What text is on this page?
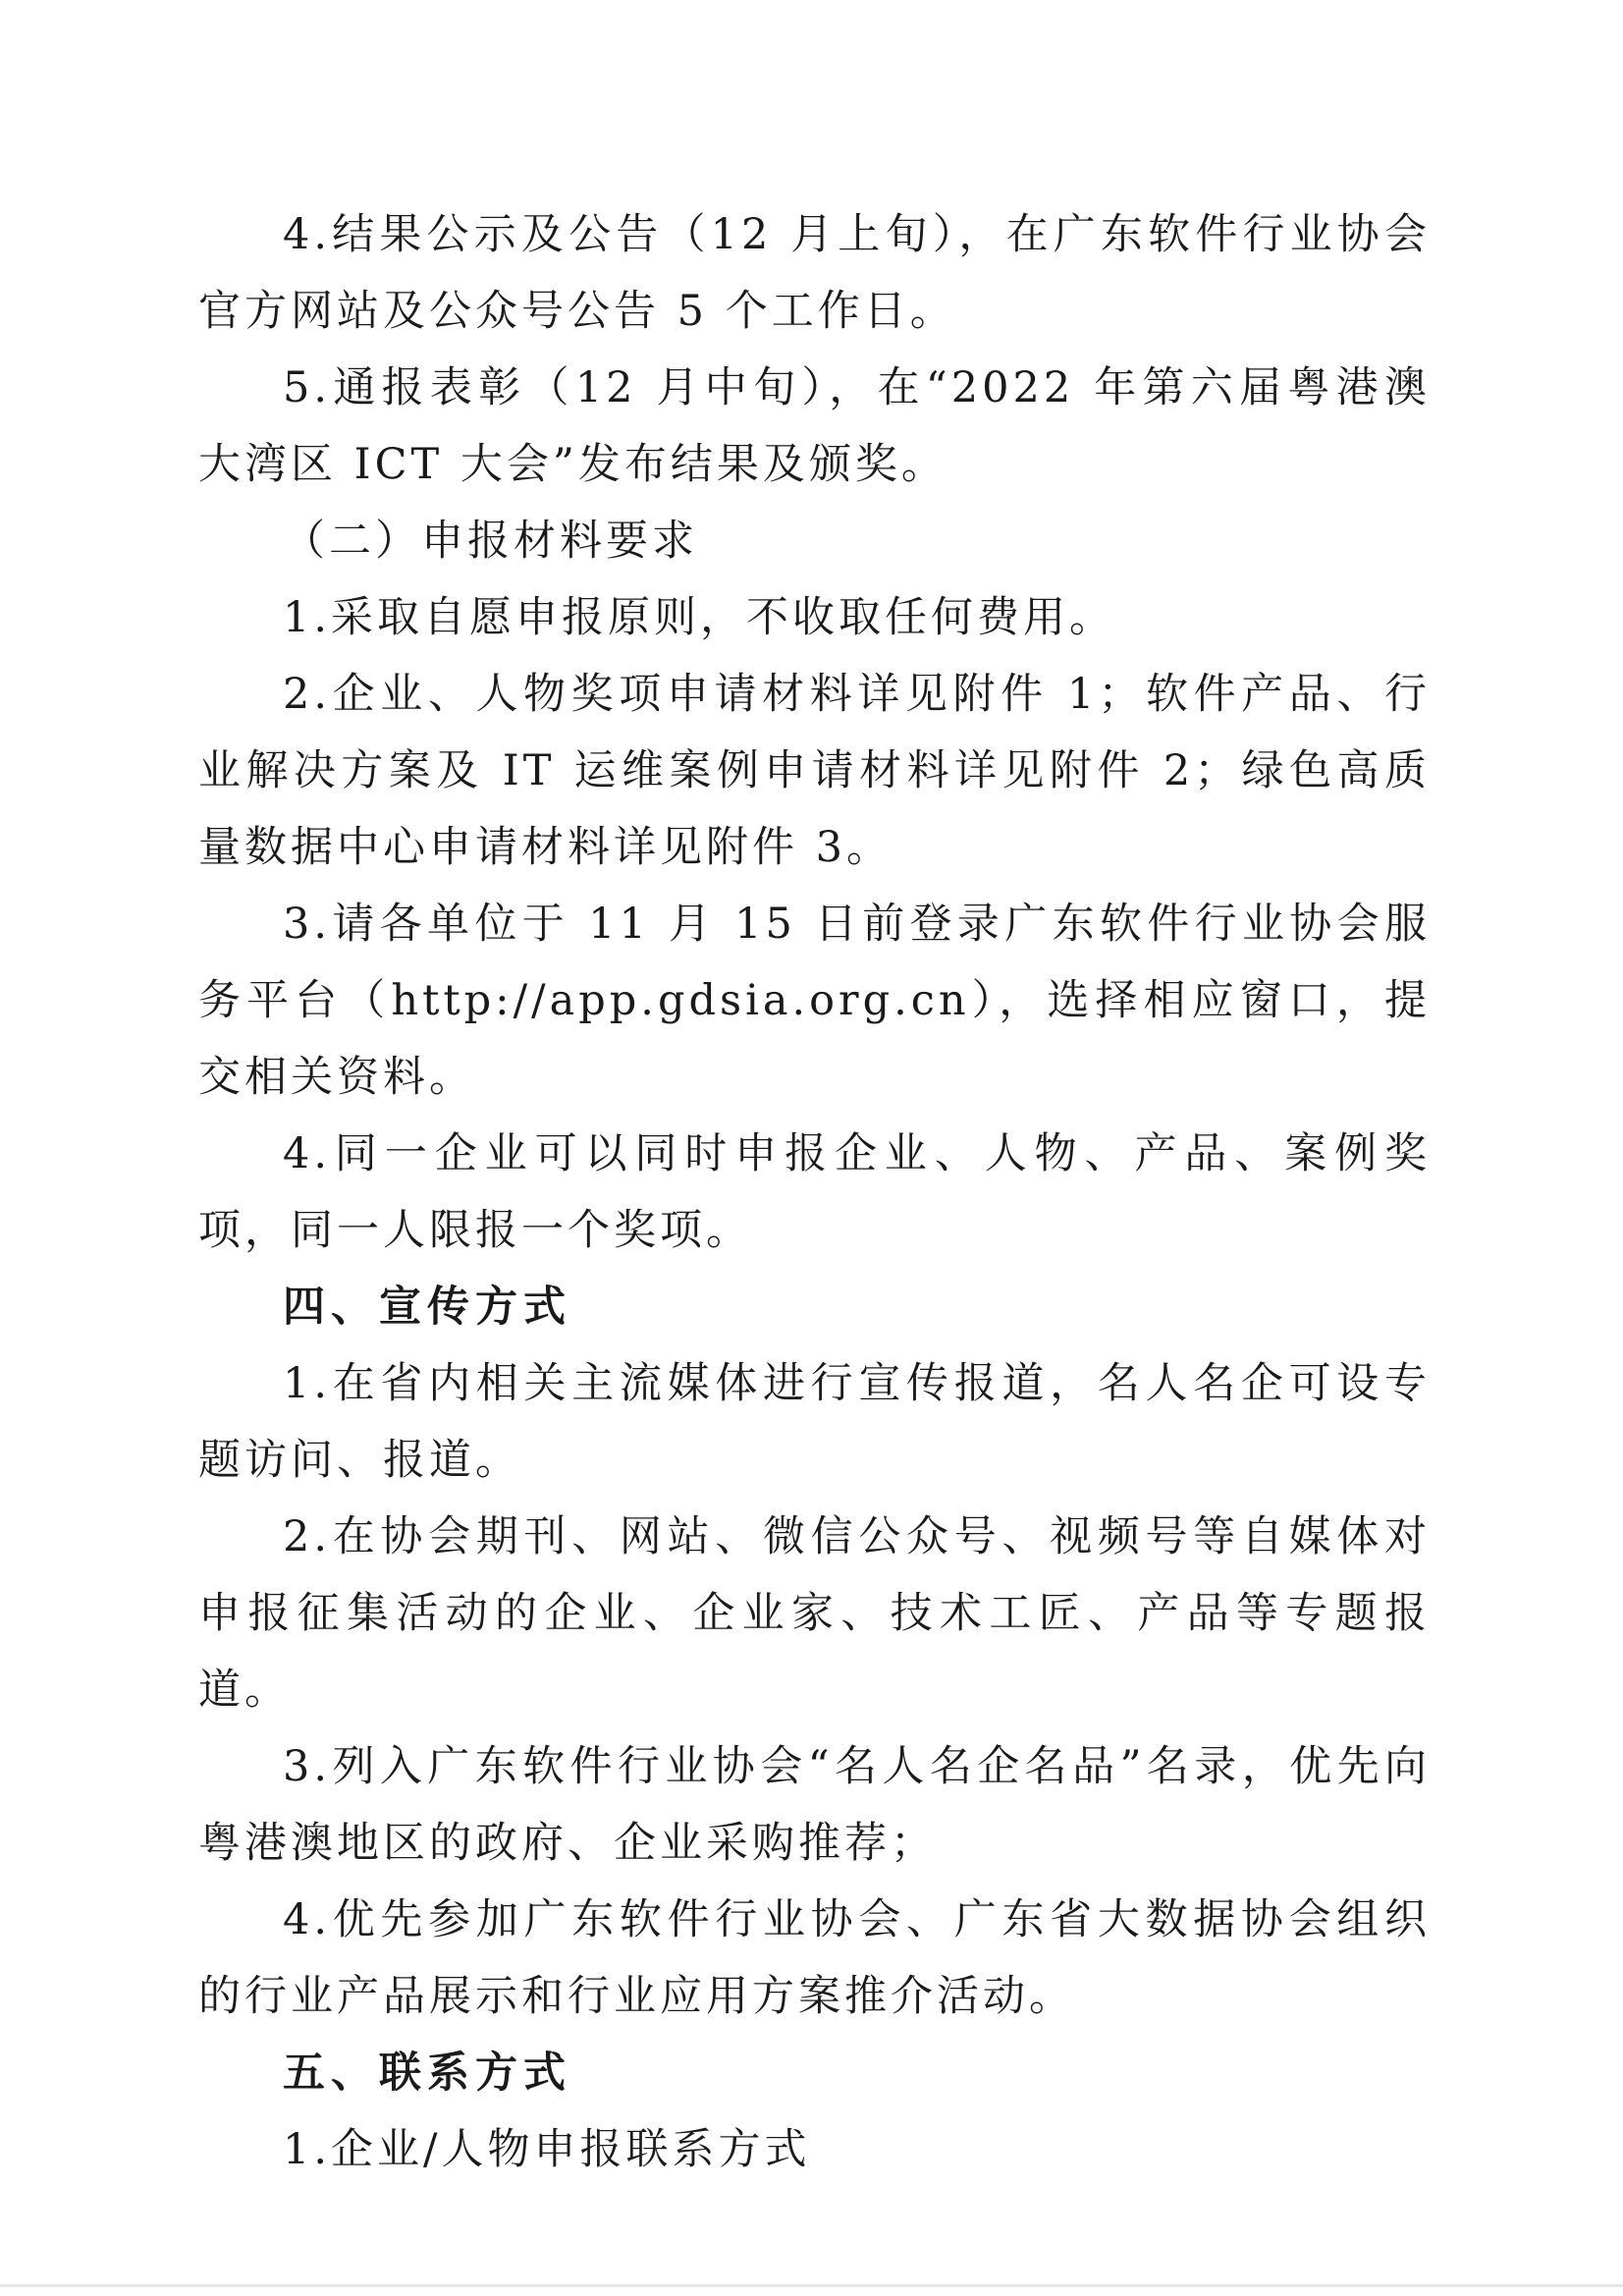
4.结果公示及公告（12 月上旬），在广东软件行业协会官方网站及公众号公告 5 个工作日。

5.通报表彰（12 月中旬），在“2022 年第六届粤港澳大湾区 ICT 大会”发布结果及颁奖。

（二）申报材料要求

1.采取自愿申报原则，不收取任何费用。

2.企业、人物奖项申请材料详见附件 1；软件产品、行业解决方案及 IT 运维案例申请材料详见附件 2；绿色高质量数据中心申请材料详见附件 3。

3.请各单位于 11 月 15 日前登录广东软件行业协会服务平台（http://app.gdsia.org.cn），选择相应窗口，提交相关资料。

4.同一企业可以同时申报企业、人物、产品、案例奖项，同一人限报一个奖项。

四、宣传方式

1.在省内相关主流媒体进行宣传报道，名人名企可设专题访问、报道。

2.在协会期刊、网站、微信公众号、视频号等自媒体对申报征集活动的企业、企业家、技术工匠、产品等专题报道。

3.列入广东软件行业协会“名人名企名品”名录，优先向粤港澳地区的政府、企业采购推荐；

4.优先参加广东软件行业协会、广东省大数据协会组织的行业产品展示和行业应用方案推介活动。

五、联系方式

1.企业/人物申报联系方式
